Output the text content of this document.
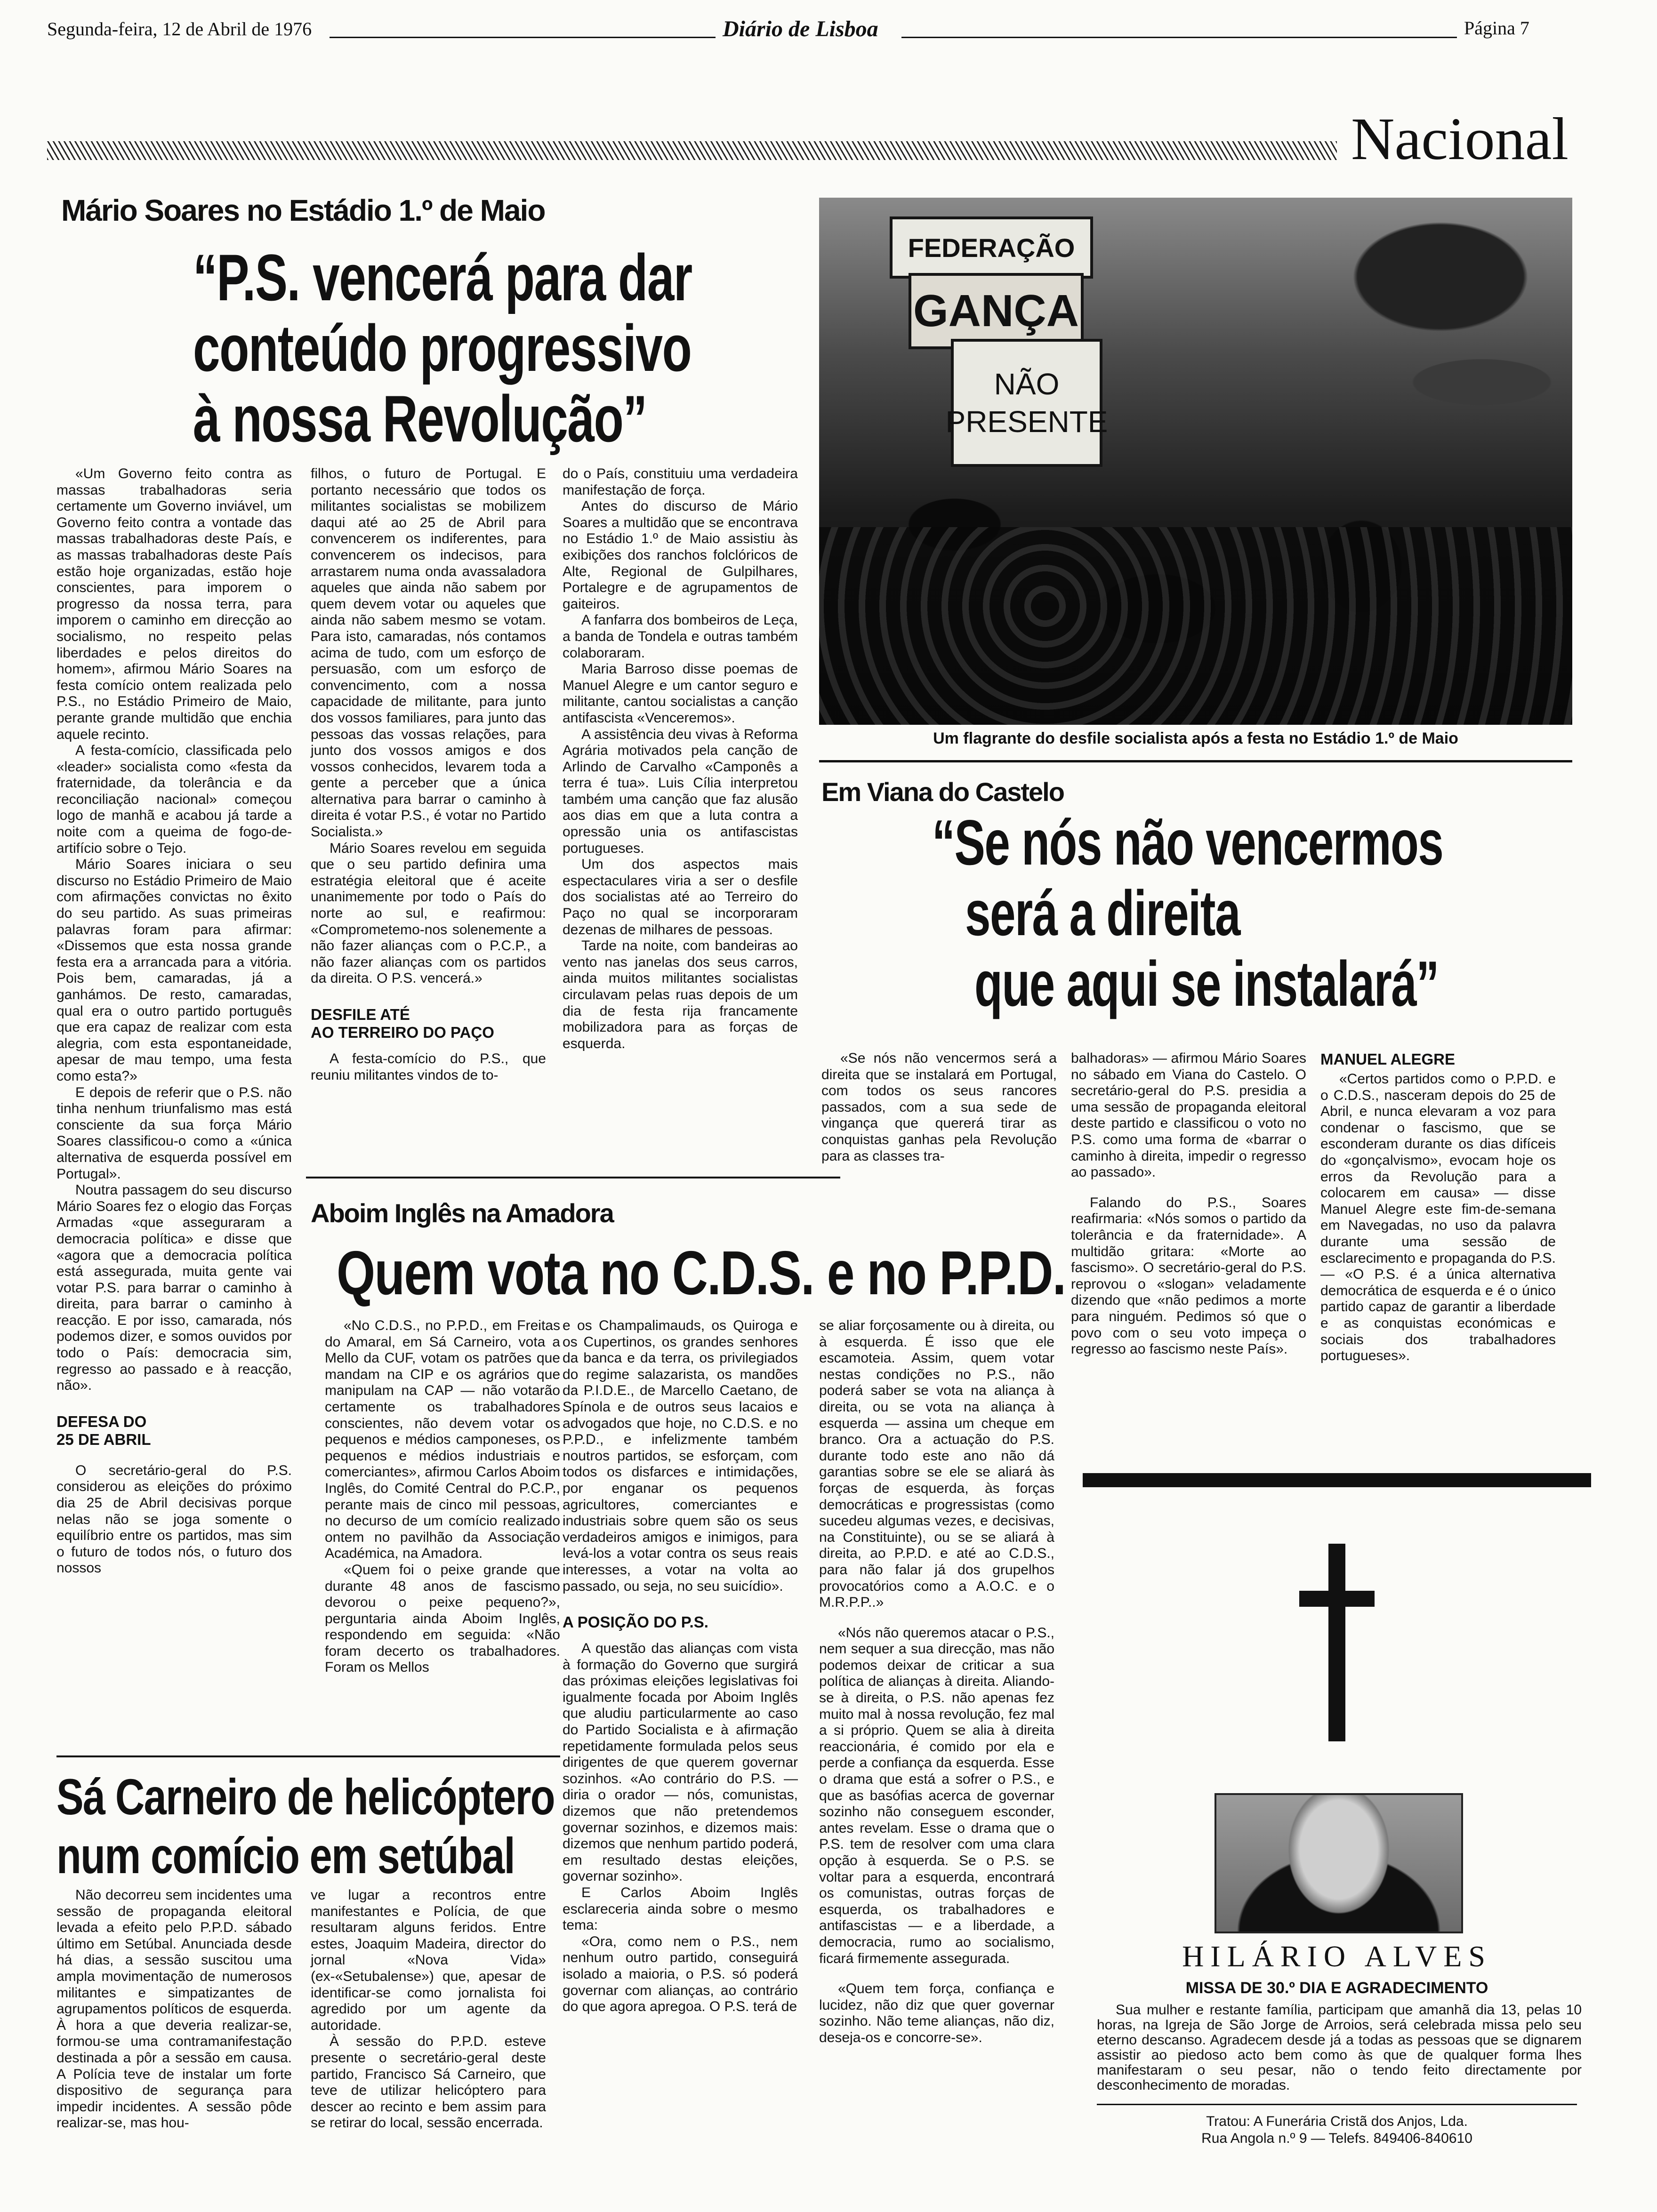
Segunda-feira, 12 de Abril de 1976	Diário de Lisboa	Página 7
Nacional
Mário Soares no Estádio 1.º de Maio
“P.S. vencerá para dar
conteúdo progressivo
à nossa Revolução”

«Um Governo feito contra as massas trabalhadoras seria certamente um Governo inviável, um Governo feito contra a vontade das massas trabalhadoras deste País, e as massas trabalhadoras deste País estão hoje organizadas, estão hoje conscientes, para imporem o progresso da nossa terra, para imporem o caminho em direcção ao socialismo, no respeito pelas liberdades e pelos direitos do homem», afirmou Mário Soares na festa comício ontem realizada pelo P.S., no Estádio Primeiro de Maio, perante grande multidão que enchia aquele recinto.

A festa-comício, classificada pelo «leader» socialista como «festa da fraternidade, da tolerância e da reconciliação nacional» começou logo de manhã e acabou já tarde a noite com a queima de fogo-de-artifício sobre o Tejo.

Mário Soares iniciara o seu discurso no Estádio Primeiro de Maio com afirmações convictas no êxito do seu partido. As suas primeiras palavras foram para afirmar: «Dissemos que esta nossa grande festa era a arrancada para a vitória. Pois bem, camaradas, já a ganhámos. De resto, camaradas, qual era o outro partido português que era capaz de realizar com esta alegria, com esta espontaneidade, apesar de mau tempo, uma festa como esta?»

E depois de referir que o P.S. não tinha nenhum triunfalismo mas está consciente da sua força Mário Soares classificou-o como a «única alternativa de esquerda possível em Portugal».

Noutra passagem do seu discurso Mário Soares fez o elogio das Forças Armadas «que asseguraram a democracia política» e disse que «agora que a democracia política está assegurada, muita gente vai votar P.S. para barrar o caminho à direita, para barrar o caminho à reacção. E por isso, camarada, nós podemos dizer, e somos ouvidos por todo o País: democracia sim, regresso ao passado e à reacção, não».

DEFESA DO
25 DE ABRIL

O secretário-geral do P.S. considerou as eleições do próximo dia 25 de Abril decisivas porque nelas não se joga somente o equilíbrio entre os partidos, mas sim o futuro de todos nós, o futuro dos nossos

filhos, o futuro de Portugal. E portanto necessário que todos os militantes socialistas se mobilizem daqui até ao 25 de Abril para convencerem os indiferentes, para convencerem os indecisos, para arrastarem numa onda avassaladora aqueles que ainda não sabem por quem devem votar ou aqueles que ainda não sabem mesmo se votam. Para isto, camaradas, nós contamos acima de tudo, com um esforço de persuasão, com um esforço de convencimento, com a nossa capacidade de militante, para junto dos vossos familiares, para junto das pessoas das vossas relações, para junto dos vossos amigos e dos vossos conhecidos, levarem toda a gente a perceber que a única alternativa para barrar o caminho à direita é votar P.S., é votar no Partido Socialista.»

Mário Soares revelou em seguida que o seu partido definira uma estratégia eleitoral que é aceite unanimemente por todo o País do norte ao sul, e reafirmou: «Comprometemo-nos solenemente a não fazer alianças com o P.C.P., a não fazer alianças com os partidos da direita. O P.S. vencerá.»

DESFILE ATÉ
AO TERREIRO DO PAÇO

A festa-comício do P.S., que reuniu militantes vindos de to-

do o País, constituiu uma verdadeira manifestação de força.

Antes do discurso de Mário Soares a multidão que se encontrava no Estádio 1.º de Maio assistiu às exibições dos ranchos folclóricos de Alte, Regional de Gulpilhares, Portalegre e de agrupamentos de gaiteiros.

A fanfarra dos bombeiros de Leça, a banda de Tondela e outras também colaboraram.

Maria Barroso disse poemas de Manuel Alegre e um cantor seguro e militante, cantou socialistas a canção antifascista «Venceremos».

A assistência deu vivas à Reforma Agrária motivados pela canção de Arlindo de Carvalho «Camponês a terra é tua». Luis Cília interpretou também uma canção que faz alusão aos dias em que a luta contra a opressão unia os antifascistas portugueses.

Um dos aspectos mais espectaculares viria a ser o desfile dos socialistas até ao Terreiro do Paço no qual se incorporaram dezenas de milhares de pessoas.

Tarde na noite, com bandeiras ao vento nas janelas dos seus carros, ainda muitos militantes socialistas circulavam pelas ruas depois de um dia de festa rija francamente mobilizadora para as forças de esquerda.

FEDERAÇÃO
GANÇA
NÃO PRESENTE
Um flagrante do desfile socialista após a festa no Estádio 1.º de Maio
Em Viana do Castelo
“Se nós não vencermos
será a direita
que aqui se instalará”

«Se nós não vencermos será a direita que se instalará em Portugal, com todos os seus rancores passados, com a sua sede de vingança que quererá tirar as conquistas ganhas pela Revolução para as classes tra-

balhadoras» — afirmou Mário Soares no sábado em Viana do Castelo. O secretário-geral do P.S. presidia a uma sessão de propaganda eleitoral deste partido e classificou o voto no P.S. como uma forma de «barrar o caminho à direita, impedir o regresso ao passado».

Falando do P.S., Soares reafirmaria: «Nós somos o partido da tolerância e da fraternidade». A multidão gritara: «Morte ao fascismo». O secretário-geral do P.S. reprovou o «slogan» veladamente dizendo que «não pedimos a morte para ninguém. Pedimos só que o povo com o seu voto impeça o regresso ao fascismo neste País».

MANUEL ALEGRE

«Certos partidos como o P.P.D. e o C.D.S., nasceram depois do 25 de Abril, e nunca elevaram a voz para condenar o fascismo, que se esconderam durante os dias difíceis do «gonçalvismo», evocam hoje os erros da Revolução para a colocarem em causa» — disse Manuel Alegre este fim-de-semana em Navegadas, no uso da palavra durante uma sessão de esclarecimento e propaganda do P.S. — «O P.S. é a única alternativa democrática de esquerda e é o único partido capaz de garantir a liberdade e as conquistas económicas e sociais dos trabalhadores portugueses».

Aboim Inglês na Amadora
Quem vota no C.D.S. e no P.P.D.

«No C.D.S., no P.P.D., em Freitas do Amaral, em Sá Carneiro, vota a Mello da CUF, votam os patrões que mandam na CIP e os agrários que manipulam na CAP — não votarão certamente os trabalhadores conscientes, não devem votar os pequenos e médios camponeses, os pequenos e médios industriais e comerciantes», afirmou Carlos Aboim Inglês, do Comité Central do P.C.P., perante mais de cinco mil pessoas, no decurso de um comício realizado ontem no pavilhão da Associação Académica, na Amadora.

«Quem foi o peixe grande que durante 48 anos de fascismo devorou o peixe pequeno?», perguntaria ainda Aboim Inglês, respondendo em seguida: «Não foram decerto os trabalhadores. Foram os Mellos

e os Champalimauds, os Quiroga e os Cupertinos, os grandes senhores da banca e da terra, os privilegiados do regime salazarista, os mandões da P.I.D.E., de Marcello Caetano, de Spínola e de outros seus lacaios e advogados que hoje, no C.D.S. e no P.P.D., e infelizmente também noutros partidos, se esforçam, com todos os disfarces e intimidações, por enganar os pequenos agricultores, comerciantes e industriais sobre quem são os seus verdadeiros amigos e inimigos, para levá-los a votar contra os seus reais interesses, a votar na volta ao passado, ou seja, no seu suicídio».

A POSIÇÃO DO P.S.

A questão das alianças com vista à formação do Governo que surgirá das próximas eleições legislativas foi igualmente focada por Aboim Inglês que aludiu particularmente ao caso do Partido Socialista e à afirmação repetidamente formulada pelos seus dirigentes de que querem governar sozinhos. «Ao contrário do P.S. — diria o orador — nós, comunistas, dizemos que não pretendemos governar sozinhos, e dizemos mais: dizemos que nenhum partido poderá, em resultado destas eleições, governar sozinho».

E Carlos Aboim Inglês esclareceria ainda sobre o mesmo tema:

«Ora, como nem o P.S., nem nenhum outro partido, conseguirá isolado a maioria, o P.S. só poderá governar com alianças, ao contrário do que agora apregoa. O P.S. terá de

se aliar forçosamente ou à direita, ou à esquerda. É isso que ele escamoteia. Assim, quem votar nestas condições no P.S., não poderá saber se vota na aliança à direita, ou se vota na aliança à esquerda — assina um cheque em branco. Ora a actuação do P.S. durante todo este ano não dá garantias sobre se ele se aliará às forças de esquerda, às forças democráticas e progressistas (como sucedeu algumas vezes, e decisivas, na Constituinte), ou se se aliará à direita, ao P.P.D. e até ao C.D.S., para não falar já dos grupelhos provocatórios como a A.O.C. e o M.R.P.P..»

«Nós não queremos atacar o P.S., nem sequer a sua direcção, mas não podemos deixar de criticar a sua política de alianças à direita. Aliando-se à direita, o P.S. não apenas fez muito mal à nossa revolução, fez mal a si próprio. Quem se alia à direita reaccionária, é comido por ela e perde a confiança da esquerda. Esse o drama que está a sofrer o P.S., e que as basófias acerca de governar sozinho não conseguem esconder, antes revelam. Esse o drama que o P.S. tem de resolver com uma clara opção à esquerda. Se o P.S. se voltar para a esquerda, encontrará os comunistas, outras forças de esquerda, os trabalhadores e antifascistas — e a liberdade, a democracia, rumo ao socialismo, ficará firmemente assegurada.

«Quem tem força, confiança e lucidez, não diz que quer governar sozinho. Não teme alianças, não diz, deseja-os e concorre-se».

Sá Carneiro de helicóptero
num comício em setúbal

Não decorreu sem incidentes uma sessão de propaganda eleitoral levada a efeito pelo P.P.D. sábado último em Setúbal. Anunciada desde há dias, a sessão suscitou uma ampla movimentação de numerosos militantes e simpatizantes de agrupamentos políticos de esquerda. À hora a que deveria realizar-se, formou-se uma contramanifestação destinada a pôr a sessão em causa. A Polícia teve de instalar um forte dispositivo de segurança para impedir incidentes. A sessão pôde realizar-se, mas hou-

ve lugar a recontros entre manifestantes e Polícia, de que resultaram alguns feridos. Entre estes, Joaquim Madeira, director do jornal «Nova Vida» (ex-«Setubalense») que, apesar de identificar-se como jornalista foi agredido por um agente da autoridade.

À sessão do P.P.D. esteve presente o secretário-geral deste partido, Francisco Sá Carneiro, que teve de utilizar helicóptero para descer ao recinto e bem assim para se retirar do local, sessão encerrada.

HILÁRIO ALVES
MISSA DE 30.º DIA E AGRADECIMENTO

Sua mulher e restante família, participam que amanhã dia 13, pelas 10 horas, na Igreja de São Jorge de Arroios, será celebrada missa pelo seu eterno descanso. Agradecem desde já a todas as pessoas que se dignarem assistir ao piedoso acto bem como às que de qualquer forma lhes manifestaram o seu pesar, não o tendo feito directamente por desconhecimento de moradas.

Tratou: A Funerária Cristã dos Anjos, Lda.
Rua Angola n.º 9 — Telefs. 849406-840610
